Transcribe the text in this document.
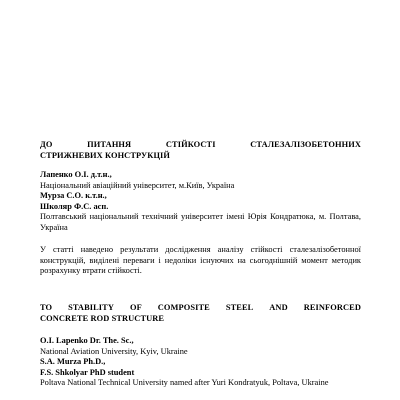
ДО	ПИТАННЯ	СТІЙКОСТІ	СТАЛЕЗАЛІЗОБЕТОННИХ
СТРИЖНЕВИХ КОНСТРУКЦІЙ
Лапенко О.І. д.т.н.,
Національний авіаційний університет, м.Київ, Україна
Мурза С.О. к.т.н.,
Школяр Ф.С. асп.
Полтавський національний технічний університет імені Юрія Кондратюка, м. Полтава, Україна
У статті наведено результати дослідження аналізу стійкості сталезалізобетонної конструкцій, виділені переваги і недоліки існуючих на сьогоднішній момент методик розрахунку втрати стійкості.
TO STABILITY OF COMPOSITE STEEL AND REINFORCED
CONCRETE ROD STRUCTURE
O.I. Lapenko Dr. The. Sc.,
National Aviation University, Kyiv, Ukraine
S.A. Murza Ph.D.,
F.S. Shkolyar PhD student
Poltava National Technical University named after Yuri Kondratyuk, Poltava, Ukraine
